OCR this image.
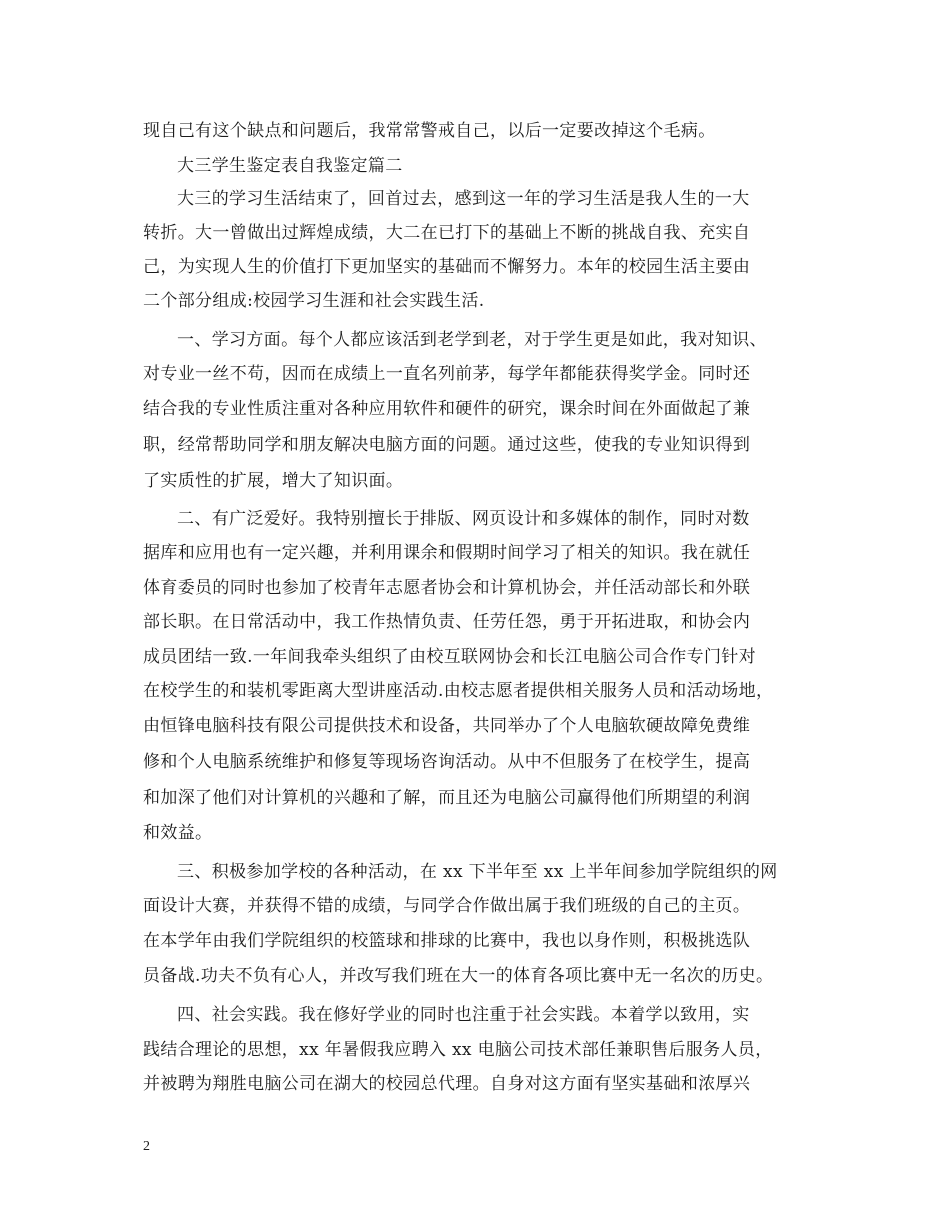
现自己有这个缺点和问题后，我常常警戒自己，以后一定要改掉这个毛病。

大三学生鉴定表自我鉴定篇二

大三的学习生活结束了，回首过去，感到这一年的学习生活是我人生的一大

转折。大一曾做出过辉煌成绩，大二在已打下的基础上不断的挑战自我、充实自

己，为实现人生的价值打下更加坚实的基础而不懈努力。本年的校园生活主要由

二个部分组成:校园学习生涯和社会实践生活.

一、学习方面。每个人都应该活到老学到老，对于学生更是如此，我对知识、

对专业一丝不苟，因而在成绩上一直名列前茅，每学年都能获得奖学金。同时还

结合我的专业性质注重对各种应用软件和硬件的研究，课余时间在外面做起了兼

职，经常帮助同学和朋友解决电脑方面的问题。通过这些，使我的专业知识得到

了实质性的扩展，增大了知识面。

二、有广泛爱好。我特别擅长于排版、网页设计和多媒体的制作，同时对数

据库和应用也有一定兴趣，并利用课余和假期时间学习了相关的知识。我在就任

体育委员的同时也参加了校青年志愿者协会和计算机协会，并任活动部长和外联

部长职。在日常活动中，我工作热情负责、任劳任怨，勇于开拓进取，和协会内

成员团结一致.一年间我牵头组织了由校互联网协会和长江电脑公司合作专门针对

在校学生的和装机零距离大型讲座活动.由校志愿者提供相关服务人员和活动场地，

由恒锋电脑科技有限公司提供技术和设备，共同举办了个人电脑软硬故障免费维

修和个人电脑系统维护和修复等现场咨询活动。从中不但服务了在校学生，提高

和加深了他们对计算机的兴趣和了解，而且还为电脑公司赢得他们所期望的利润

和效益。

三、积极参加学校的各种活动，在 xx 下半年至 xx 上半年间参加学院组织的网

面设计大赛，并获得不错的成绩，与同学合作做出属于我们班级的自己的主页。

在本学年由我们学院组织的校篮球和排球的比赛中，我也以身作则，积极挑选队

员备战.功夫不负有心人，并改写我们班在大一的体育各项比赛中无一名次的历史。

四、社会实践。我在修好学业的同时也注重于社会实践。本着学以致用，实

践结合理论的思想，xx 年暑假我应聘入 xx 电脑公司技术部任兼职售后服务人员，

并被聘为翔胜电脑公司在湖大的校园总代理。自身对这方面有坚实基础和浓厚兴

2
